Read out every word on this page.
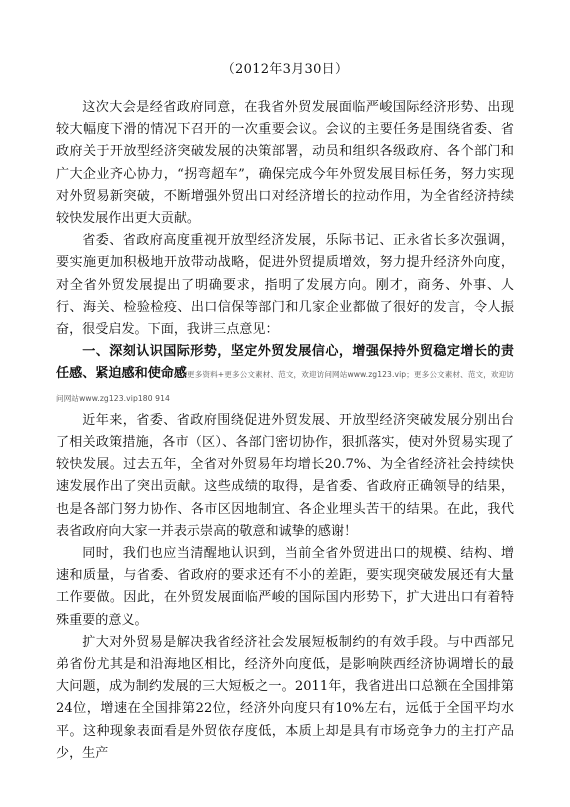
（2012年3月30日）

这次大会是经省政府同意，在我省外贸发展面临严峻国际经济形势、出现较大幅度下滑的情况下召开的一次重要会议。会议的主要任务是围绕省委、省政府关于开放型经济突破发展的决策部署，动员和组织各级政府、各个部门和广大企业齐心协力，“拐弯超车”，确保完成今年外贸发展目标任务，努力实现对外贸易新突破，不断增强外贸出口对经济增长的拉动作用，为全省经济持续较快发展作出更大贡献。

省委、省政府高度重视开放型经济发展，乐际书记、正永省长多次强调，要实施更加积极地开放带动战略，促进外贸提质增效，努力提升经济外向度，对全省外贸发展提出了明确要求，指明了发展方向。刚才，商务、外事、人行、海关、检验检疫、出口信保等部门和几家企业都做了很好的发言，令人振奋，很受启发。下面，我讲三点意见：

一、深刻认识国际形势，坚定外贸发展信心，增强保持外贸稳定增长的责任感、紧迫感和使命感更多资料+更多公文素材、范文，欢迎访问网站www.zg123.vip；更多公文素材、范文，欢迎访问网站www.zg123.vip180 914

近年来，省委、省政府围绕促进外贸发展、开放型经济突破发展分别出台了相关政策措施，各市（区）、各部门密切协作，狠抓落实，使对外贸易实现了较快发展。过去五年，全省对外贸易年均增长20.7%、为全省经济社会持续快速发展作出了突出贡献。这些成绩的取得，是省委、省政府正确领导的结果，也是各部门努力协作、各市区因地制宜、各企业埋头苦干的结果。在此，我代表省政府向大家一并表示崇高的敬意和诚挚的感谢！

同时，我们也应当清醒地认识到，当前全省外贸进出口的规模、结构、增速和质量，与省委、省政府的要求还有不小的差距，要实现突破发展还有大量工作要做。因此，在外贸发展面临严峻的国际国内形势下，扩大进出口有着特殊重要的意义。

扩大对外贸易是解决我省经济社会发展短板制约的有效手段。与中西部兄弟省份尤其是和沿海地区相比，经济外向度低，是影响陕西经济协调增长的最大问题，成为制约发展的三大短板之一。2011年，我省进出口总额在全国排第24位，增速在全国排第22位，经济外向度只有10%左右，远低于全国平均水平。这种现象表面看是外贸依存度低，本质上却是具有市场竞争力的主打产品少，生产
